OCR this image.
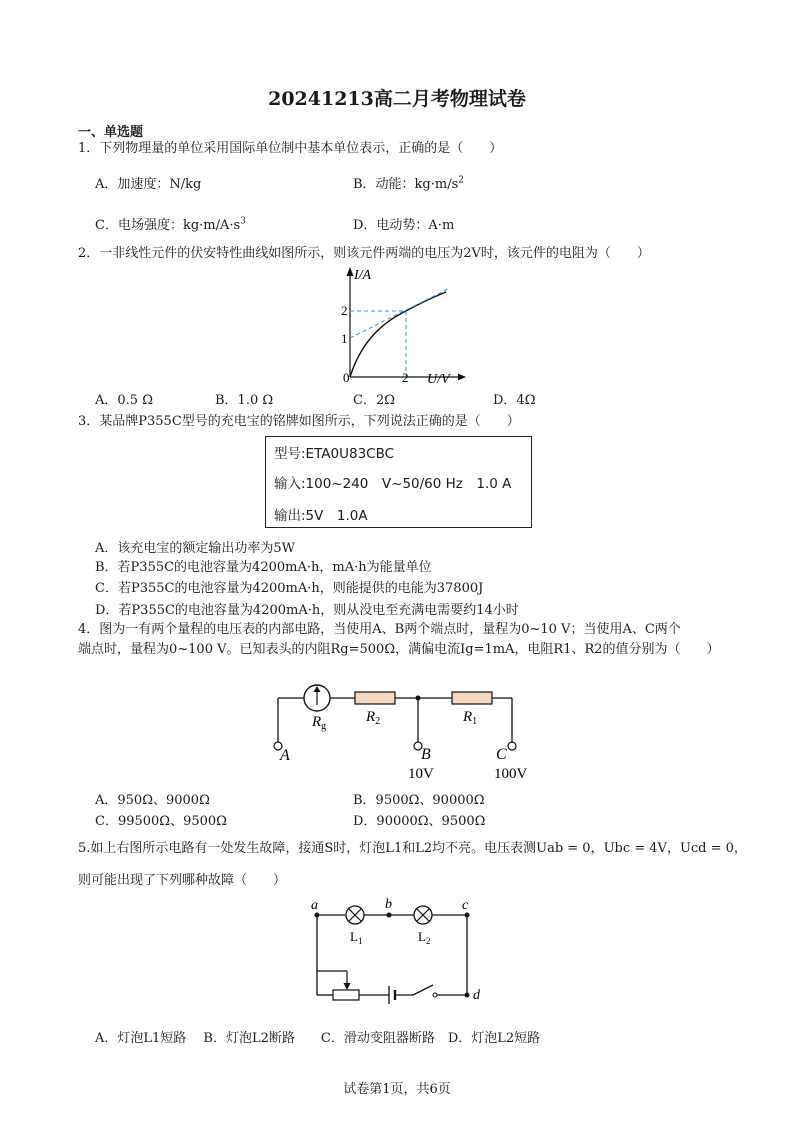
20241213高二月考物理试卷
一、单选题
1．下列物理量的单位采用国际单位制中基本单位表示，正确的是（　　）
A．加速度：N/kg	B．动能：$kg\cdot m/s^2$
C．电场强度：$kg\cdot m/A\cdot s^3$	D．电动势：A·m
2．一非线性元件的伏安特性曲线如图所示，则该元件两端的电压为2V时，该元件的电阻为（　　）
I/A
U/V
0
1
2
2
A．0.5 Ω	B．1.0 Ω	C．2Ω	D．4Ω
3．某品牌P355C型号的充电宝的铭牌如图所示，下列说法正确的是（　　）
型号:ETA0U83CBC
输入:100~240　V~50/60 Hz　1.0 A
输出:5V　1.0A
A．该充电宝的额定输出功率为5W
B．若P355C的电池容量为4200mA·h，mA·h为能量单位
C．若P355C的电池容量为4200mA·h，则能提供的电能为37800J
D．若P355C的电池容量为4200mA·h，则从没电至充满电需要约14小时
4．图为一有两个量程的电压表的内部电路，当使用A、B两个端点时，量程为0~10 V；当使用A、C两个
端点时，量程为0~100 V。已知表头的内阻Rg=500Ω，满偏电流Ig=1mA，电阻R1、R2的值分别为（　　）
$R_g$
$R_2$	$R_1$
A	B	C
10V	100V
A．950Ω、9000Ω	B．9500Ω、90000Ω
C．99500Ω、9500Ω	D．90000Ω、9500Ω
5.如上右图所示电路有一处发生故障，接通S时，灯泡L1和L2均不亮。电压表测Uab = 0，Ubc = 4V，Ucd = 0，
则可能出现了下列哪种故障（　　）
a	b	c
d
$L_1$	$L_2$
A．灯泡L1短路　 B．灯泡L2断路　　C．滑动变阻器断路　D．灯泡L2短路
试卷第1页，共6页
